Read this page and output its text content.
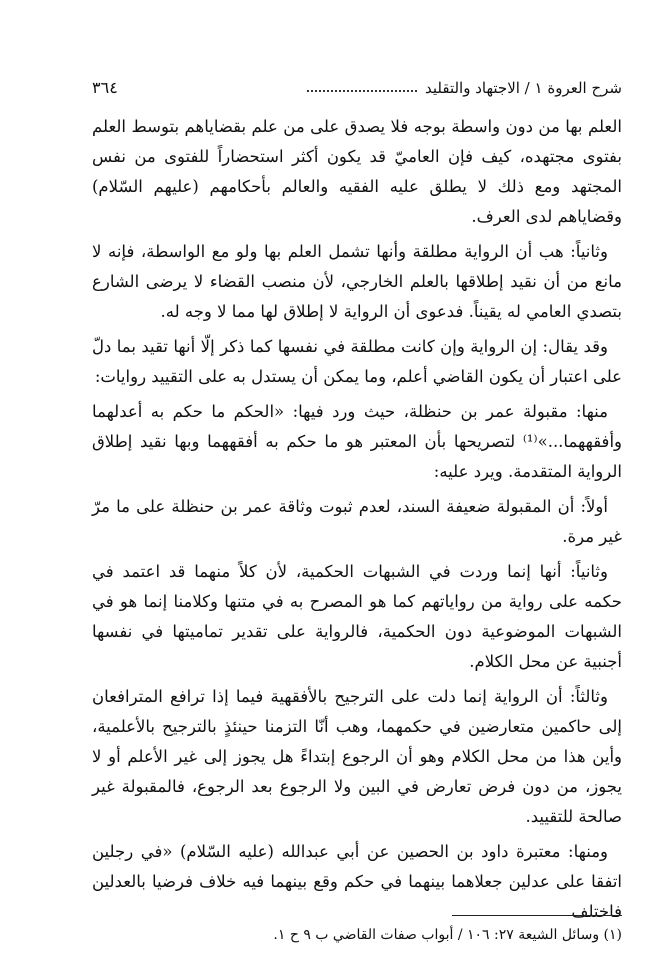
شرح العروة ١ / الاجتهاد والتقليد
٣٦٤

العلم بها من دون واسطة بوجه فلا يصدق على من علم بقضاياهم بتوسط العلم بفتوى مجتهده، كيف فإن العاميّ قد يكون أكثر استحضاراً للفتوى من نفس المجتهد ومع ذلك لا يطلق عليه الفقيه والعالم بأحكامهم (عليهم السّلام) وقضاياهم لدى العرف.

وثانياً: هب أن الرواية مطلقة وأنها تشمل العلم بها ولو مع الواسطة، فإنه لا مانع من أن نقيد إطلاقها بالعلم الخارجي، لأن منصب القضاء لا يرضى الشارع بتصدي العامي له يقيناً. فدعوى أن الرواية لا إطلاق لها مما لا وجه له.

وقد يقال: إن الرواية وإن كانت مطلقة في نفسها كما ذكر إلّا أنها تقيد بما دلّ على اعتبار أن يكون القاضي أعلم، وما يمكن أن يستدل به على التقييد روايات:

منها: مقبولة عمر بن حنظلة، حيث ورد فيها: «الحكم ما حكم به أعدلهما وأفقههما...»⁽¹⁾ لتصريحها بأن المعتبر هو ما حكم به أفقههما وبها نقيد إطلاق الرواية المتقدمة. ويرد عليه:

أولاً: أن المقبولة ضعيفة السند، لعدم ثبوت وثاقة عمر بن حنظلة على ما مرّ غير مرة.

وثانياً: أنها إنما وردت في الشبهات الحكمية، لأن كلاً منهما قد اعتمد في حكمه على رواية من رواياتهم كما هو المصرح به في متنها وكلامنا إنما هو في الشبهات الموضوعية دون الحكمية، فالرواية على تقدير تماميتها في نفسها أجنبية عن محل الكلام.

وثالثاً: أن الرواية إنما دلت على الترجيح بالأفقهية فيما إذا ترافع المترافعان إلى حاكمين متعارضين في حكمهما، وهب أنّا التزمنا حينئذٍ بالترجيح بالأعلمية، وأين هذا من محل الكلام وهو أن الرجوع إبتداءً هل يجوز إلى غير الأعلم أو لا يجوز، من دون فرض تعارض في البين ولا الرجوع بعد الرجوع، فالمقبولة غير صالحة للتقييد.

ومنها: معتبرة داود بن الحصين عن أبي عبدالله (عليه السّلام) «في رجلين اتفقا على عدلين جعلاهما بينهما في حكم وقع بينهما فيه خلاف فرضيا بالعدلين فاختلف

(١) وسائل الشيعة ٢٧: ١٠٦ / أبواب صفات القاضي ب ٩ ح ١.
